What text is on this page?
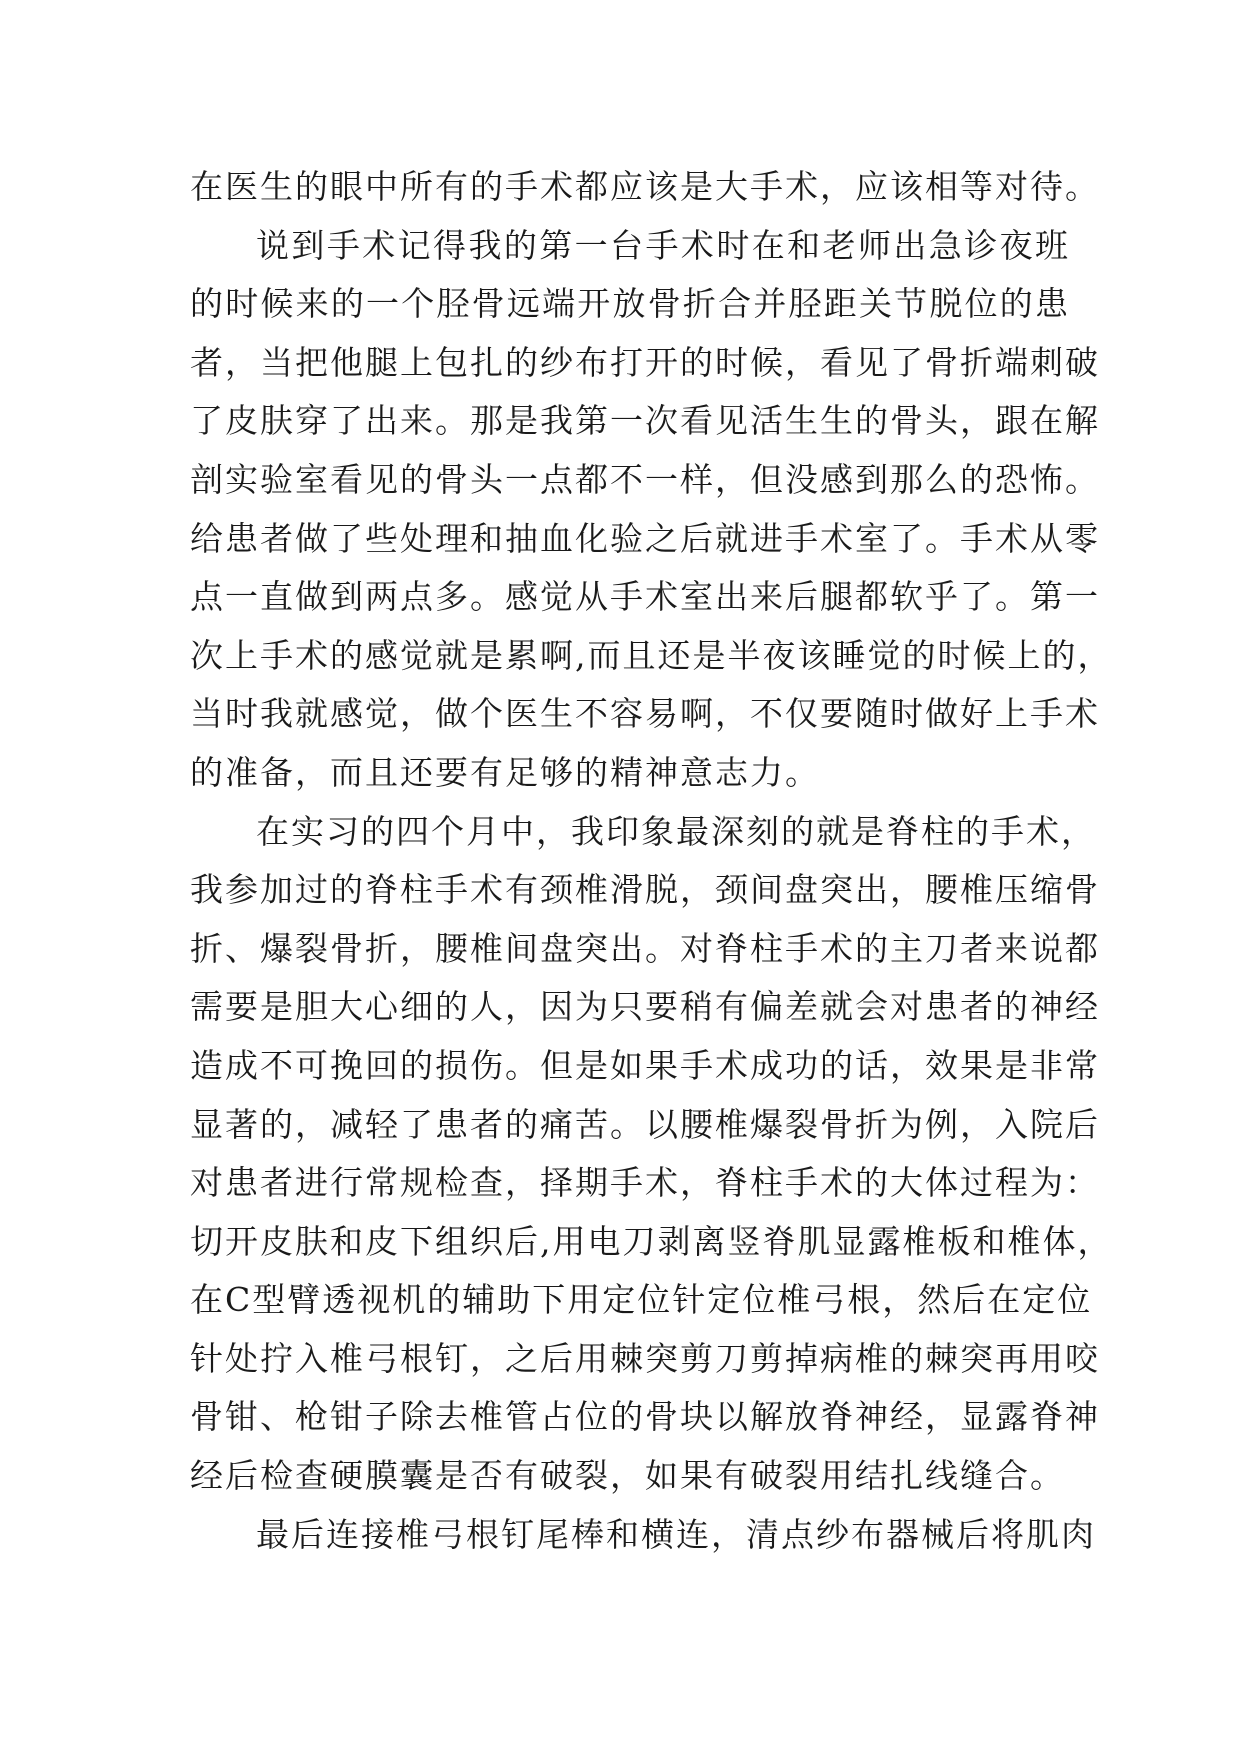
在医生的眼中所有的手术都应该是大手术，应该相等对待。
说到手术记得我的第一台手术时在和老师出急诊夜班
的时候来的一个胫骨远端开放骨折合并胫距关节脱位的患
者，当把他腿上包扎的纱布打开的时候，看见了骨折端刺破
了皮肤穿了出来。那是我第一次看见活生生的骨头，跟在解
剖实验室看见的骨头一点都不一样，但没感到那么的恐怖。
给患者做了些处理和抽血化验之后就进手术室了。手术从零
点一直做到两点多。感觉从手术室出来后腿都软乎了。第一
次上手术的感觉就是累啊,而且还是半夜该睡觉的时候上的，
当时我就感觉，做个医生不容易啊，不仅要随时做好上手术
的准备，而且还要有足够的精神意志力。
在实习的四个月中，我印象最深刻的就是脊柱的手术，
我参加过的脊柱手术有颈椎滑脱，颈间盘突出，腰椎压缩骨
折、爆裂骨折，腰椎间盘突出。对脊柱手术的主刀者来说都
需要是胆大心细的人，因为只要稍有偏差就会对患者的神经
造成不可挽回的损伤。但是如果手术成功的话，效果是非常
显著的，减轻了患者的痛苦。以腰椎爆裂骨折为例，入院后
对患者进行常规检查，择期手术，脊柱手术的大体过程为：
切开皮肤和皮下组织后,用电刀剥离竖脊肌显露椎板和椎体，
在C型臂透视机的辅助下用定位针定位椎弓根，然后在定位
针处拧入椎弓根钉，之后用棘突剪刀剪掉病椎的棘突再用咬
骨钳、枪钳子除去椎管占位的骨块以解放脊神经，显露脊神
经后检查硬膜囊是否有破裂，如果有破裂用结扎线缝合。
最后连接椎弓根钉尾棒和横连，清点纱布器械后将肌肉
